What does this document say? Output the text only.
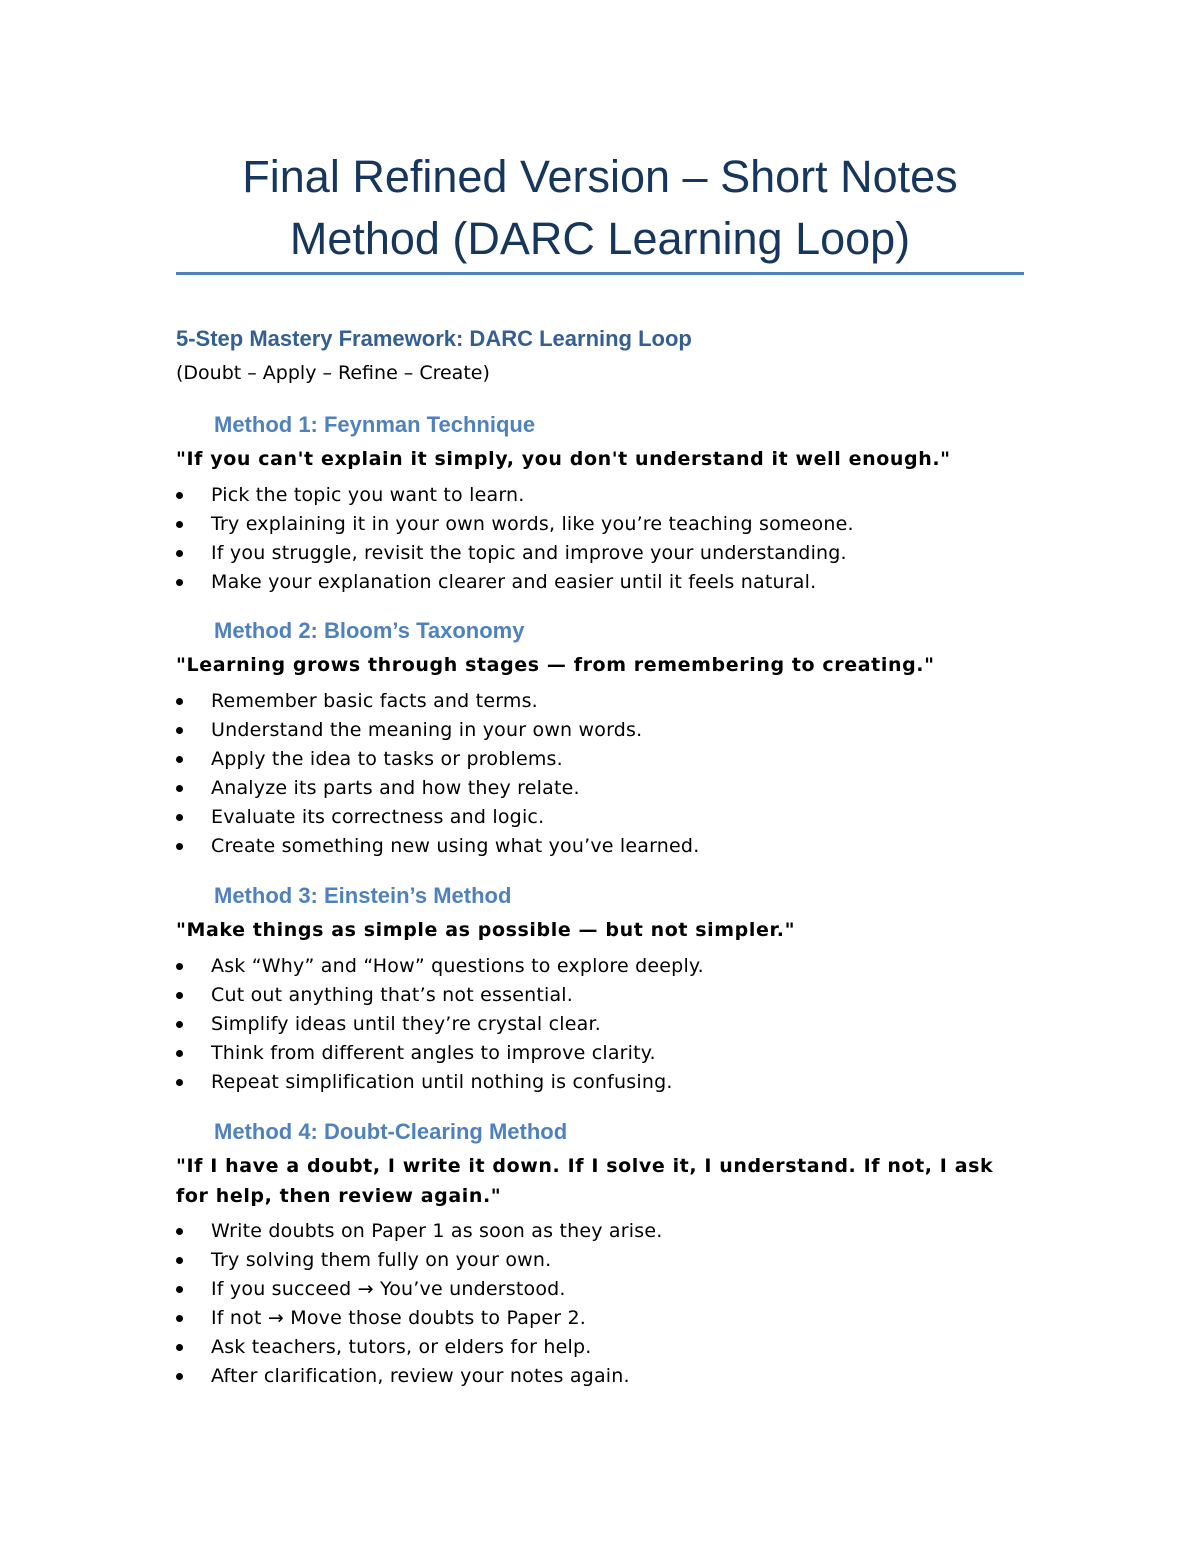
Final Refined Version – Short Notes
Method (DARC Learning Loop)
5-Step Mastery Framework: DARC Learning Loop

(Doubt – Apply – Refine – Create)

Method 1: Feynman Technique

"If you can't explain it simply, you don't understand it well enough."

Pick the topic you want to learn.
Try explaining it in your own words, like you’re teaching someone.
If you struggle, revisit the topic and improve your understanding.
Make your explanation clearer and easier until it feels natural.
Method 2: Bloom’s Taxonomy

"Learning grows through stages — from remembering to creating."

Remember basic facts and terms.
Understand the meaning in your own words.
Apply the idea to tasks or problems.
Analyze its parts and how they relate.
Evaluate its correctness and logic.
Create something new using what you’ve learned.
Method 3: Einstein’s Method

"Make things as simple as possible — but not simpler."

Ask “Why” and “How” questions to explore deeply.
Cut out anything that’s not essential.
Simplify ideas until they’re crystal clear.
Think from different angles to improve clarity.
Repeat simplification until nothing is confusing.
Method 4: Doubt-Clearing Method

"If I have a doubt, I write it down. If I solve it, I understand. If not, I ask for help, then review again."

Write doubts on Paper 1 as soon as they arise.
Try solving them fully on your own.
If you succeed → You’ve understood.
If not → Move those doubts to Paper 2.
Ask teachers, tutors, or elders for help.
After clarification, review your notes again.
